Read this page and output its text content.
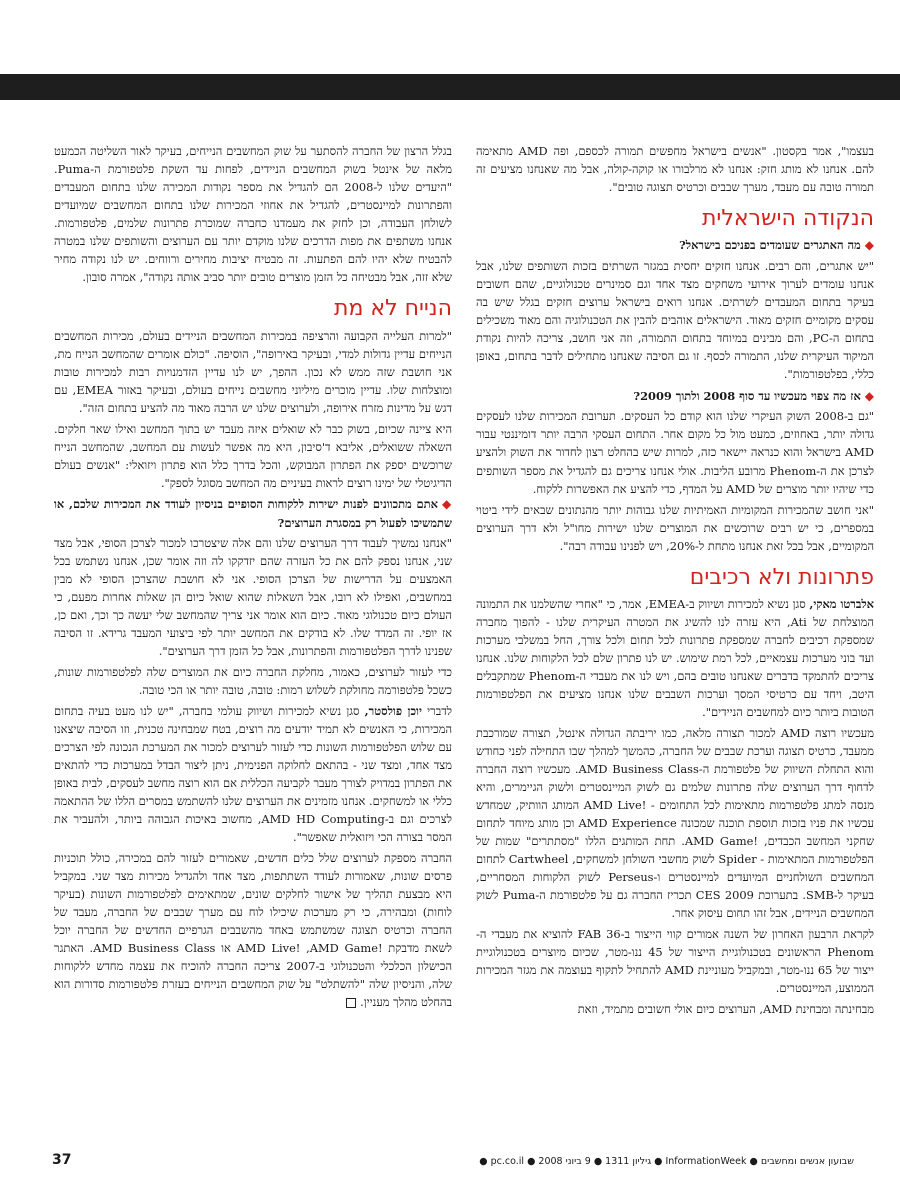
בעצמו", אמר בקסטון. "אנשים בישראל מחפשים תמורה לכספם, ופה AMD מתאימה להם. אנחנו לא מותג חזק: אנחנו לא מרלבורו או קוקה-קולה, אבל מה שאנחנו מציעים זה תמורה טובה עם מעבד, מערך שבבים וכרטיס תצוגה טובים".

הנקודה הישראלית
◆מה האתגרים שעומדים בפניכם בישראל?

"יש אתגרים, והם רבים. אנחנו חזקים יחסית במגזר השרתים בזכות השותפים שלנו, אבל אנחנו עומדים לערוך אירועי משחקים מצד אחד וגם סמינרים טכנולוגיים, שהם חשובים בעיקר בתחום המעבדים לשרתים. אנחנו רואים בישראל ערוצים חזקים בגלל שיש בה עסקים מקומיים חזקים מאוד. הישראלים אוהבים להבין את הטכנולוגיה והם מאוד משכילים בתחום ה-PC, והם מבינים במיוחד בתחום התמורה, וזה אני חושב, צריכה להיות נקודת המיקוד העיקרית שלנו, התמורה לכסף. זו גם הסיבה שאנחנו מתחילים לדבר בתחום, באופן כללי, בפלטפורמות".

◆אז מה צפוי מעכשיו עד סוף 2008 ולתוך 2009?

"גם ב-2008 השוק העיקרי שלנו הוא קודם כל העסקים. תערובת המכירות שלנו לעסקים גדולה יותר, באחוזים, כמעט מול כל מקום אחר. התחום העסקי הרבה יותר דומיננטי עבור AMD בישראל והוא כנראה יישאר כזה, למרות שיש בהחלט רצון לחדור את השוק ולהציע לצרכן את ה-Phenom מרובע הליבות. אולי אנחנו צריכים גם להגדיל את מספר השותפים כדי שיהיו יותר מוצרים של AMD על המדף, כדי להציע את האפשרות ללקוח.

"אני חושב שהמכירות המקומיות האמיתיות שלנו גבוהות יותר מהנתונים שבאים לידי ביטוי במספרים, כי יש רבים שרוכשים את המוצרים שלנו ישירות מחו"ל ולא דרך הערוצים המקומיים, אבל בכל זאת אנחנו מתחת ל-20%, ויש לפנינו עבודה רבה".

פתרונות ולא רכיבים

אלברטו מאקי, סגן נשיא למכירות ושיווק ב-EMEA, אמר, כי "אחרי שהשלמנו את התמונה המוצלחת של Ati, היא עזרה לנו להשיג את המטרה העיקרית שלנו - להפוך מחברה שמספקת רכיבים לחברה שמספקת פתרונות לכל תחום ולכל צורך, החל במשלבי מערכות ועד בוני מערכות עצמאיים, לכל רמת שימוש. יש לנו פתרון שלם לכל הלקוחות שלנו. אנחנו צריכים להתמקד בדברים שאנחנו טובים בהם, ויש לנו את מעבדי ה-Phenom שמתקבלים היטב, ויחד עם כרטיסי המסך וערכות השבבים שלנו אנחנו מציעים את הפלטפורמות הטובות ביותר כיום למחשבים הניידים".

מעכשיו רוצה AMD למכור תצורה מלאה, כמו יריבתה הגדולה אינטל, תצורה שמורכבת ממעבד, כרטיס תצוגה וערכת שבבים של החברה, כהמשך למהלך שבו התחילה לפני כחודש והוא התחלת השיווק של פלטפורמת ה-AMD Business Class. מעכשיו רוצה החברה לדחוף דרך הערוצים שלה פתרונות שלמים גם לשוק המיינסטרים ולשוק הגיימרים, והיא מנסה למתג פלטפורמות מתאימות לכל התחומים - !AMD Live המותג הוותיק, שמחדש עכשיו את פניו בזכות תוספת תוכנה שמכונה AMD Experience וכן מותג מיוחד לתחום שחקני המחשב הכבדים, !AMD Game. תחת המותגים הללו "מסתתרים" שמות של הפלטפורמות המתאימות - Spider לשוק מחשבי השולחן למשחקים, Cartwheel לתחום המחשבים השולחניים המיועדים למיינסטרים ו-Perseus לשוק הלקוחות המסחריים, בעיקר ל-SMB. בתערוכת CES 2009 תכריז החברה גם על פלטפורמת ה-Puma לשוק המחשבים הניידים, אבל זהו תחום עיסוק אחר.

לקראת הרבעון האחרון של השנה אמורים קווי הייצור ב-FAB 36 להוציא את מעבדי ה-Phenom הראשונים בטכנולוגיית הייצור של 45 ננו-מטר, שכיום מיוצרים בטכנולוגיית ייצור של 65 ננו-מטר, ובמקביל מעוניינת AMD להתחיל לתקוף בעוצמה את מגזר המכירות הממוצע, המיינסטרים.

מבחינתה ומבחינת AMD, הערוצים כיום אולי חשובים מתמיד, וזאת

בגלל הרצון של החברה להסתער על שוק המחשבים הנייחים, בעיקר לאור השליטה הכמעט מלאה של אינטל בשוק המחשבים הניידים, לפחות עד השקת פלטפורמת ה-Puma. "היעדים שלנו ל-2008 הם להגדיל את מספר נקודות המכירה שלנו בתחום המעבדים והפתרונות למיינסטרים, להגדיל את אחוזי המכירות שלנו בתחום המחשבים שמיועדים לשולחן העבודה, וכן לחזק את מעמדנו כחברה שמוכרת פתרונות שלמים, פלטפורמות. אנחנו משתפים את מפות הדרכים שלנו מוקדם יותר עם הערוצים והשותפים שלנו במטרה להבטיח שלא יהיו להם הפתעות. זה מבטיח יציבות מחירים ורווחים. יש לנו נקודה מחיר שלא זזה, אבל מבטיחה כל הזמן מוצרים טובים יותר סביב אותה נקודה", אמרה סובון.

הנייח לא מת

"למרות העלייה הקבועה והרציפה במכירות המחשבים הניידים בעולם, מכירות המחשבים הנייחים עדיין גדולות למדי, ובעיקר באירופה", הוסיפה. "כולם אומרים שהמחשב הנייח מת, אני חושבת שזה ממש לא נכון. ההפך, יש לנו עדיין הזדמנויות רבות למכירות טובות ומוצלחות שלו. עדיין מוכרים מיליוני מחשבים נייחים בעולם, ובעיקר באזור EMEA, עם דגש על מדינות מזרח אירופה, ולערוצים שלנו יש הרבה מאוד מה להציע בתחום הזה".

היא ציינה שכיום, בשוק כבר לא שואלים איזה מעבד יש בתוך המחשב ואילו שאר חלקים. השאלה ששואלים, אליבא ד'סיבון, היא מה אפשר לעשות עם המחשב, שהמחשב הנייח שרוכשים יספק את הפתרון המבוקש, והכל בדרך כלל הוא פתרון ויזואלי: "אנשים בעולם הדיגיטלי של ימינו רוצים לראות בעיניים מה המחשב מסוגל לספק".

◆אתם מתכוונים לפנות ישירות ללקוחות הסופיים בניסיון לעודד את המכירות שלכם, או שתמשיכו לפעול רק במסגרת הערוצים?

"אנחנו נמשיך לעבוד דרך הערוצים שלנו והם אלה שיצטרכו למכור לצרכן הסופי, אבל מצד שני, אנחנו נספק להם את כל העזרה שהם יזדקקו לה וזה אומר שכן, אנחנו נשתמש בכל האמצעים על הדרישות של הצרכן הסופי. אני לא חושבת שהצרכן הסופי לא מבין במחשבים, ואפילו לא רובו, אבל השאלות שהוא שואל כיום הן שאלות אחרות מפעם, כי העולם כיום טכנולוגי מאוד. כיום הוא אומר אני צריך שהמחשב שלי יעשה כך וכך, ואם כן, אז יופי. זה המדד שלו. לא בודקים את המחשב יותר לפי ביצועי המעבד גרידא. זו הסיבה שפנינו לדרך הפלטפורמות והפתרונות, אבל כל הזמן דרך הערוצים".

כדי לעזור לערוצים, כאמור, מחלקת החברה כיום את המוצרים שלה לפלטפורמות שונות, כשכל פלטפורמה מחולקת לשלוש רמות: טובה, טובה יותר או הכי טובה.

לדברי יוכן פולסטר, סגן נשיא למכירות ושיווק עולמי בחברה, "יש לנו מעט בעיה בתחום המכירות, כי האנשים לא תמיד יודעים מה רוצים, בטח שמבחינה טכנית, וזו הסיבה שיצאנו עם שלוש הפלטפורמות השונות כדי לעזור לערוצים למכור את המערכת הנכונה לפי הצרכים מצד אחד, ומצד שני - בהתאם לחלוקה הפנימית, ניתן ליצור הבדל במערכות כדי להתאים את הפתרון במדויק לצורך מעבר לקביעה הכללית אם הוא רוצה מחשב לעסקים, לבית באופן כללי או למשחקים. אנחנו מזמינים את הערוצים שלנו להשתמש במסרים הללו של ההתאמה לצרכים וגם ב-AMD HD Computing, מחשוב באיכות הגבוהה ביותר, ולהעביר את המסר בצורה הכי ויזואלית שאפשר".

החברה מספקת לערוצים שלל כלים חדשים, שאמורים לעזור להם במכירה, כולל תוכניות פרסים שונות, שאמורות לעודד השתתפות, מצד אחד ולהגדיל מכירות מצד שני. במקביל היא מבצעת תהליך של אישור לחלקים שונים, שמתאימים לפלטפורמות השונות (בעיקר לוחות) ומבהירה, כי רק מערכות שיכילו לוח עם מערך שבבים של החברה, מעבד של החברה וכרטיס תצוגה שמשתמש באחד מהשבבים הגרפיים החדשים של החברה יוכל לשאת מדבקת !AMD Live! ,AMD Game או AMD Business Class. האתגר הכישלון הכלכלי והטכנולוגי ב-2007 צריכה החברה להוכיח את עצמה מחדש ללקוחות שלה, והניסיון שלה "להשתלט" על שוק המחשבים הנייחים בעזרת פלטפורמות סדורות הוא בהחלט מהלך מעניין.

37	שבועון אנשים ומחשבים ● InformationWeek ● גיליון 1311 ● 9 ביוני 2008 ● pc.co.il ●
